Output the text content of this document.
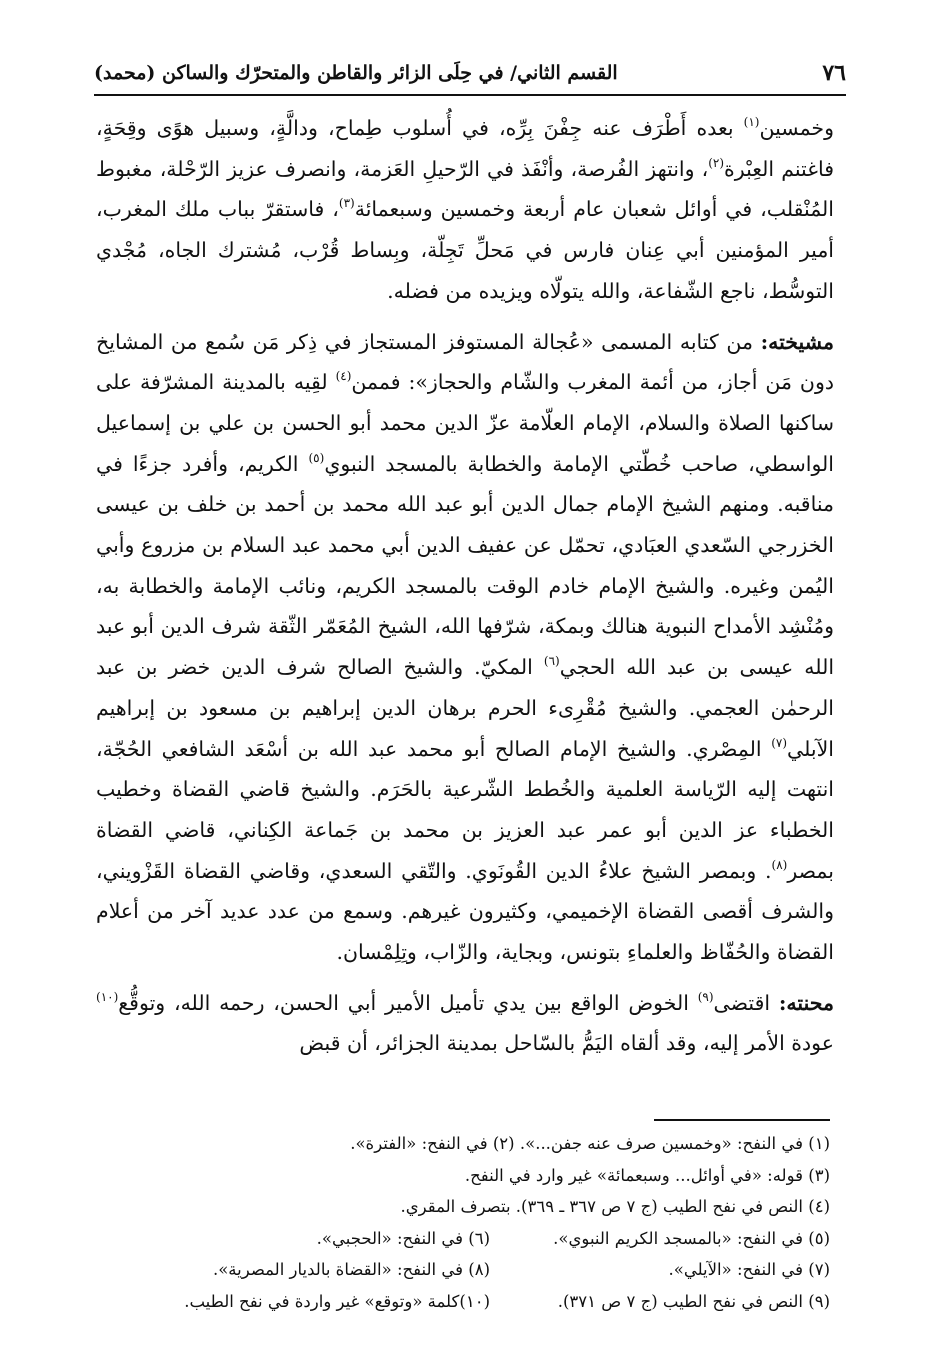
٧٦
القسم الثاني/ في حِلَى الزائر والقاطن والمتحرّك والساكن (محمد)

وخمسين$^{(١)}$ بعده أَطْرَف عنه جِفْنَ بِرِّه، في أُسلوب طِماح، ودالَّةٍ، وسبيل هوًى وقِحَةٍ، فاغتنم العِبْرة$^{(٢)}$، وانتهز الفُرصة، وأنْفَذ في الرّحيلِ العَزمة، وانصرف عزيز الرّحْلة، مغبوط المُنْقلب، في أوائل شعبان عام أربعة وخمسين وسبعمائة$^{(٣)}$، فاستقرّ بباب ملك المغرب، أمير المؤمنين أبي عِنان فارس في مَحلِّ تَجِلّة، وبِساط قُرْب، مُشترك الجاه، مُجْدي التوسُّط، ناجع الشّفاعة، والله يتولّاه ويزيده من فضله.

مشيخته: من كتابه المسمى «عُجالة المستوفز المستجاز في ذِكر مَن سُمع من المشايخ دون مَن أجاز، من أئمة المغرب والشّام والحجاز»: فممن$^{(٤)}$ لقِيه بالمدينة المشرّفة على ساكنها الصلاة والسلام، الإمام العلّامة عزّ الدين محمد أبو الحسن بن علي بن إسماعيل الواسطي، صاحب خُطّتي الإمامة والخطابة بالمسجد النبوي$^{(٥)}$ الكريم، وأفرد جزءًا في مناقبه. ومنهم الشيخ الإمام جمال الدين أبو عبد الله محمد بن أحمد بن خلف بن عيسى الخزرجي السّعدي العبَادي، تحمّل عن عفيف الدين أبي محمد عبد السلام بن مزروع وأبي اليُمن وغيره. والشيخ الإمام خادم الوقت بالمسجد الكريم، ونائب الإمامة والخطابة به، ومُنْشِد الأمداح النبوية هنالك وبمكة، شرّفها الله، الشيخ المُعَمّر الثّقة شرف الدين أبو عبد الله عيسى بن عبد الله الحجي$^{(٦)}$ المكيّ. والشيخ الصالح شرف الدين خضر بن عبد الرحمٰن العجمي. والشيخ مُقْرِىء الحرم برهان الدين إبراهيم بن مسعود بن إبراهيم الآبلي$^{(٧)}$ المِصْري. والشيخ الإمام الصالح أبو محمد عبد الله بن أسْعَد الشافعي الحُجّة، انتهت إليه الرّياسة العلمية والخُطط الشّرعية بالحَرَم. والشيخ قاضي القضاة وخطيب الخطباء عز الدين أبو عمر عبد العزيز بن محمد بن جَماعة الكِناني، قاضي القضاة بمصر$^{(٨)}$. وبمصر الشيخ علاءُ الدين القُونَوي. والتّقي السعدي، وقاضي القضاة القَزْويني، والشرف أقصى القضاة الإخميمي، وكثيرون غيرهم. وسمع من عدد عديد آخر من أعلام القضاة والحُفّاظ والعلماءِ بتونس، وبجاية، والزّاب، وتِلِمْسان.

محنته: اقتضى$^{(٩)}$ الخوض الواقع بين يدي تأميل الأمير أبي الحسن، رحمه الله، وتوقُّع$^{(١٠)}$ عودة الأمر إليه، وقد ألقاه اليَمُّ بالسّاحل بمدينة الجزائر، أن قبض

(١) في النفح: «وخمسين صرف عنه جفن...». (٢) في النفح: «الفترة».
(٣) قوله: «في أوائل... وسبعمائة» غير وارد في النفح.
(٤) النص في نفح الطيب (ج ٧ ص ٣٦٧ ـ ٣٦٩). بتصرف المقري.
(٥) في النفح: «بالمسجد الكريم النبوي».(٦) في النفح: «الحجبي».
(٧) في النفح: «الآيلي».(٨) في النفح: «القضاة بالديار المصرية».
(٩) النص في نفح الطيب (ج ٧ ص ٣٧١).(١٠)كلمة «وتوقع» غير واردة في نفح الطيب.
